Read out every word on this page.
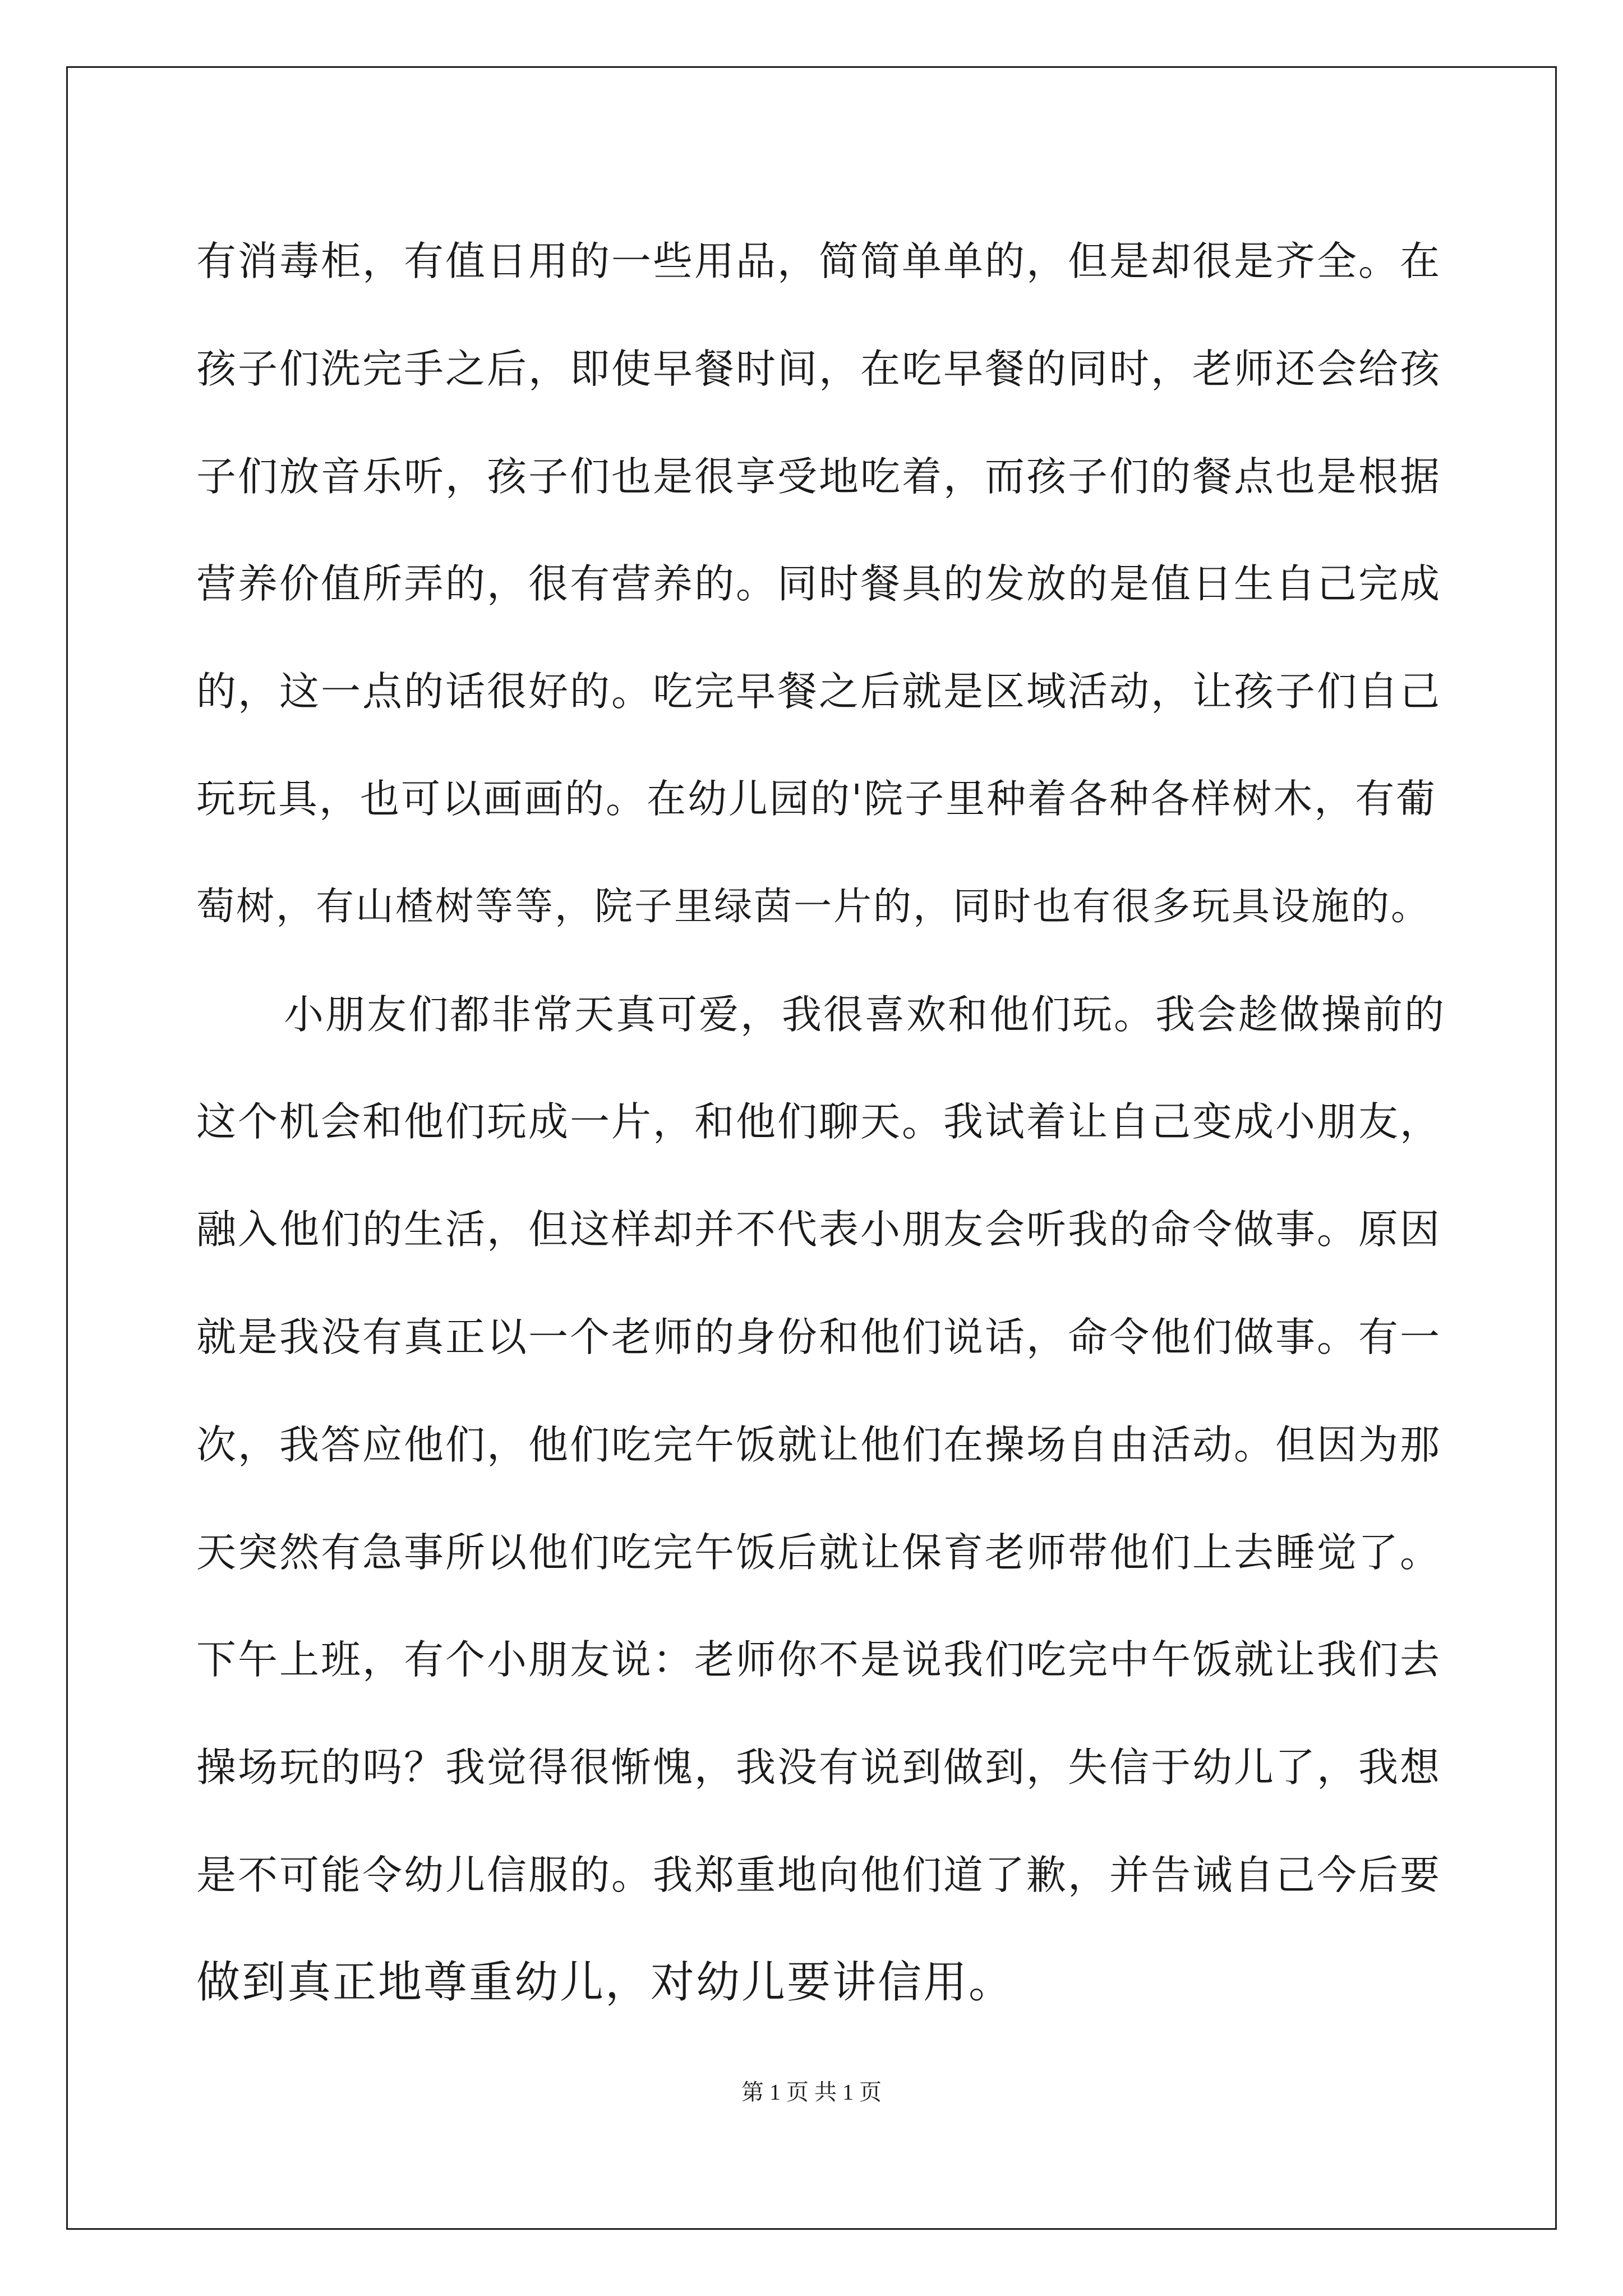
有消毒柜，有值日用的一些用品，简简单单的，但是却很是齐全。在
孩子们洗完手之后，即使早餐时间，在吃早餐的同时，老师还会给孩
子们放音乐听，孩子们也是很享受地吃着，而孩子们的餐点也是根据
营养价值所弄的，很有营养的。同时餐具的发放的是值日生自己完成
的，这一点的话很好的。吃完早餐之后就是区域活动，让孩子们自己
玩玩具，也可以画画的。在幼儿园的'院子里种着各种各样树木，有葡
萄树，有山楂树等等，院子里绿茵一片的，同时也有很多玩具设施的。
小朋友们都非常天真可爱，我很喜欢和他们玩。我会趁做操前的
这个机会和他们玩成一片，和他们聊天。我试着让自己变成小朋友，
融入他们的生活，但这样却并不代表小朋友会听我的命令做事。原因
就是我没有真正以一个老师的身份和他们说话，命令他们做事。有一
次，我答应他们，他们吃完午饭就让他们在操场自由活动。但因为那
天突然有急事所以他们吃完午饭后就让保育老师带他们上去睡觉了。
下午上班，有个小朋友说：老师你不是说我们吃完中午饭就让我们去
操场玩的吗？我觉得很惭愧，我没有说到做到，失信于幼儿了，我想
是不可能令幼儿信服的。我郑重地向他们道了歉，并告诫自己今后要
做到真正地尊重幼儿，对幼儿要讲信用。
第 1 页 共 1 页
